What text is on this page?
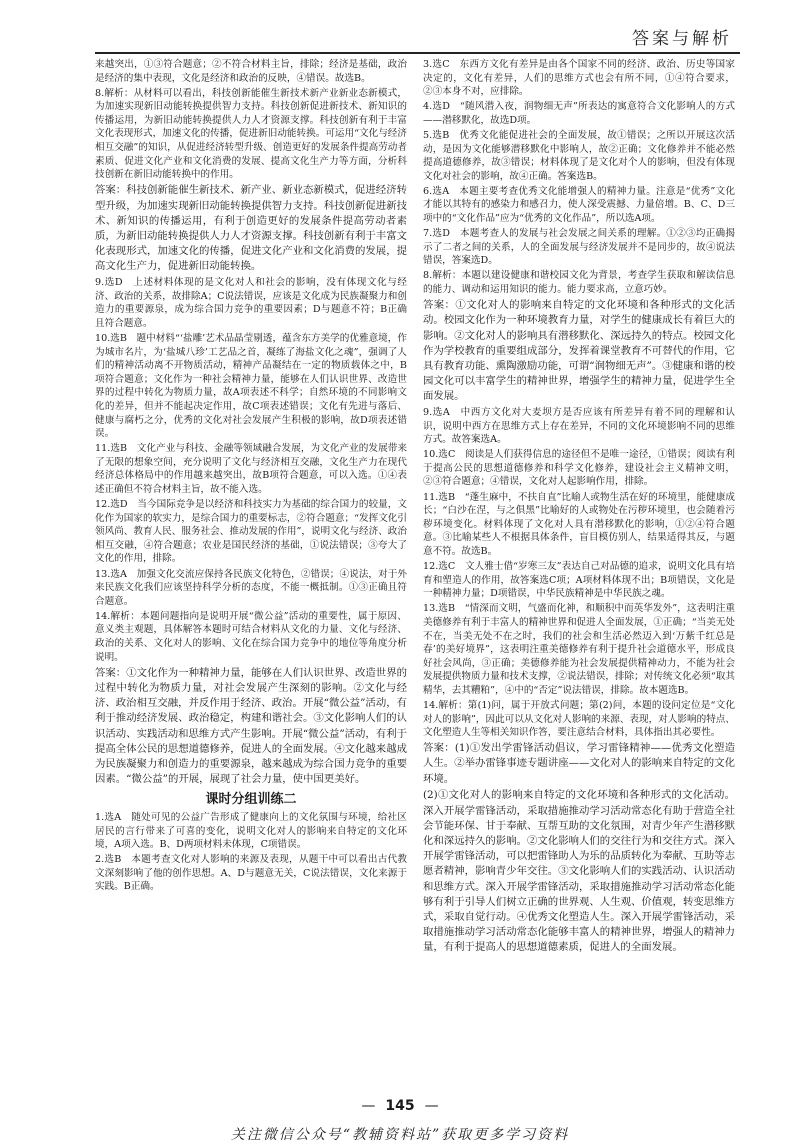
答案与解析

来越突出，①③符合题意；②不符合材料主旨，排除；经济是基础，政治是经济的集中表现，文化是经济和政治的反映，④错误。故选B。

8.解析：从材料可以看出，科技创新能催生新技术新产业新业态新模式，为加速实现新旧动能转换提供智力支持。科技创新促进新技术、新知识的传播运用，为新旧动能转换提供人力人才资源支撑。科技创新有利于丰富文化表现形式，加速文化的传播，促进新旧动能转换。可运用“文化与经济相互交融”的知识，从促进经济转型升级、创造更好的发展条件提高劳动者素质、促进文化产业和文化消费的发展、提高文化生产力等方面，分析科技创新在新旧动能转换中的作用。

答案：科技创新能催生新技术、新产业、新业态新模式，促进经济转型升级，为加速实现新旧动能转换提供智力支持。科技创新促进新技术、新知识的传播运用，有利于创造更好的发展条件提高劳动者素质，为新旧动能转换提供人力人才资源支撑。科技创新有利于丰富文化表现形式，加速文化的传播，促进文化产业和文化消费的发展，提高文化生产力，促进新旧动能转换。

9.选D　上述材料体现的是文化对人和社会的影响，没有体现文化与经济、政治的关系，故排除A；C说法错误，应该是文化成为民族凝聚力和创造力的重要源泉，成为综合国力竞争的重要因素；D与题意不符；B正确且符合题意。

10.选B　题中材料“‘盐雕’艺术品晶莹剔透，蕴含东方美学的优雅意境，作为城市名片，为‘盐城八珍’工艺品之首，凝练了海盐文化之魂”，强调了人们的精神活动离不开物质活动，精神产品凝结在一定的物质载体之中，B项符合题意；文化作为一种社会精神力量，能够在人们认识世界、改造世界的过程中转化为物质力量，故A项表述不科学；自然环境的不同影响文化的差异，但并不能起决定作用，故C项表述错误；文化有先进与落后、健康与腐朽之分，优秀的文化对社会发展产生积极的影响，故D项表述错误。

11.选B　文化产业与科技、金融等领域融合发展，为文化产业的发展带来了无限的想象空间，充分说明了文化与经济相互交融，文化生产力在现代经济总体格局中的作用越来越突出，故B项符合题意，可以入选。①④表述正确但不符合材料主旨，故不能入选。

12.选D　当今国际竞争是以经济和科技实力为基础的综合国力的较量，文化作为国家的软实力，是综合国力的重要标志，②符合题意；“发挥文化引领风尚、教育人民、服务社会、推动发展的作用”，说明文化与经济、政治相互交融，④符合题意；农业是国民经济的基础，①说法错误；③夸大了文化的作用，排除。

13.选A　加强文化交流应保持各民族文化特色，②错误；④说法，对于外来民族文化我们应该坚持科学分析的态度，不能一概抵制。①③正确且符合题意。

14.解析：本题问题指向是说明开展“微公益”活动的重要性，属于原因、意义类主观题，具体解答本题时可结合材料从文化的力量、文化与经济、政治的关系、文化对人的影响、文化在综合国力竞争中的地位等角度分析说明。

答案：①文化作为一种精神力量，能够在人们认识世界、改造世界的过程中转化为物质力量，对社会发展产生深刻的影响。②文化与经济、政治相互交融，并反作用于经济、政治。开展“微公益”活动，有利于推动经济发展、政治稳定，构建和谐社会。③文化影响人们的认识活动、实践活动和思维方式产生影响。开展“微公益”活动，有利于提高全体公民的思想道德修养，促进人的全面发展。④文化越来越成为民族凝聚力和创造力的重要源泉，越来越成为综合国力竞争的重要因素。“微公益”的开展，展现了社会力量，使中国更美好。

课时分组训练二

1.选A　随处可见的公益广告形成了健康向上的文化氛围与环境，给社区居民的言行带来了可喜的变化，说明文化对人的影响来自特定的文化环境，A项入选。B、D两项材料未体现，C项错误。

2.选B　本题考查文化对人影响的来源及表现，从题干中可以看出古代教文深刻影响了他的创作思想。A、D与题意无关，C说法错误，文化来源于实践。B正确。

3.选C　东西方文化有差异是由各个国家不同的经济、政治、历史等国家决定的，文化有差异，人们的思维方式也会有所不同，①④符合要求，②③本身不对，应排除。

4.选D　“随风潜入夜，润物细无声”所表达的寓意符合文化影响人的方式——潜移默化，故选D项。

5.选B　优秀文化能促进社会的全面发展，故①错误；之所以开展这次活动，是因为文化能够潜移默化中影响人，故②正确；文化修养并不能必然提高道德修养，故③错误；材料体现了是文化对个人的影响，但没有体现文化对社会的影响，故④正确。答案选B。

6.选A　本题主要考查优秀文化能增强人的精神力量。注意是“优秀”文化才能以其特有的感染力和感召力，使人深受震撼、力量倍增。B、C、D三项中的“文化作品”应为“优秀的文化作品”，所以选A项。

7.选D　本题考查人的发展与社会发展之间关系的理解。①②③均正确揭示了二者之间的关系，人的全面发展与经济发展并不是同步的，故④说法错误，答案选D。

8.解析：本题以建设健康和谐校园文化为背景，考查学生获取和解读信息的能力、调动和运用知识的能力。能力要求高，立意巧妙。

答案：①文化对人的影响来自特定的文化环境和各种形式的文化活动。校园文化作为一种环境教育力量，对学生的健康成长有着巨大的影响。②文化对人的影响具有潜移默化、深远持久的特点。校园文化作为学校教育的重要组成部分，发挥着课堂教育不可替代的作用，它具有教育功能、熏陶激励功能，可谓“润物细无声”。③健康和谐的校园文化可以丰富学生的精神世界，增强学生的精神力量，促进学生全面发展。

9.选A　中西方文化对大麦坝方是否应该有所差异有着不同的理解和认识，说明中西方在思维方式上存在差异，不同的文化环境影响不同的思维方式。故答案选A。

10.选C　阅读是人们获得信息的途径但不是唯一途径，①错误；阅读有利于提高公民的思想道德修养和科学文化修养，建设社会主义精神文明，②③符合题意；④错误，文化对人起影响作用，排除。

11.选B　“蓬生麻中，不扶自直”比喻人或物生活在好的环境里，能健康成长；“白沙在涅，与之俱黑”比喻好的人或物处在污秽环境里，也会随着污秽环境变化。材料体现了文化对人具有潜移默化的影响，①②④符合题意。③比喻某些人不根据具体条件，盲目模仿别人，结果适得其反，与题意不符。故选B。

12.选C　文人雅士借“岁寒三友”表达自己对品德的追求，说明文化具有培育和塑造人的作用，故答案选C项；A项材料体现不出；B项错误，文化是一种精神力量；D项错误，中华民族精神是中华民族之魂。

13.选B　“情深而文明，气盛而化神，和顺积中而英华发外”，这表明注重美德修养有利于丰富人的精神世界和促进人全面发展，①正确；“当美无处不在，当美无处不在之时，我们的社会和生活必然迈入到‘万紫千红总是春’的美好境界”，这表明注重美德修养有利于提升社会道德水平，形成良好社会风尚，③正确；美德修养能为社会发展提供精神动力，不能为社会发展提供物质力量和技术支撑，②说法错误，排除；对传统文化必须“取其精华，去其糟粕”，④中的“否定”说法错误，排除。故本题选B。

14.解析：第(1)问，属于开放式问题；第(2)问，本题的设问定位是“文化对人的影响”，因此可以从文化对人影响的来源、表现，对人影响的特点、文化塑造人生等相关知识作答，要注意结合材料，具体指出其必要性。

答案：(1)①发出学雷锋活动倡议，学习雷锋精神——优秀文化塑造人生。②举办雷锋事迹专题讲座——文化对人的影响来自特定的文化环境。

(2)①文化对人的影响来自特定的文化环境和各种形式的文化活动。深入开展学雷锋活动，采取措施推动学习活动常态化有助于营造全社会节能环保、甘于奉献、互帮互助的文化氛围，对青少年产生潜移默化和深远持久的影响。②文化影响人们的交往行为和交往方式。深入开展学雷锋活动，可以把雷锋助人为乐的品质转化为奉献、互助等志愿者精神，影响青少年交往。③文化影响人们的实践活动、认识活动和思维方式。深入开展学雷锋活动，采取措施推动学习活动常态化能够有利于引导人们树立正确的世界观、人生观、价值观，转变思维方式，采取自觉行动。④优秀文化塑造人生。深入开展学雷锋活动，采取措施推动学习活动常态化能够丰富人的精神世界，增强人的精神力量，有利于提高人的思想道德素质，促进人的全面发展。

— 145 —
关注微信公众号“教辅资料站”获取更多学习资料
